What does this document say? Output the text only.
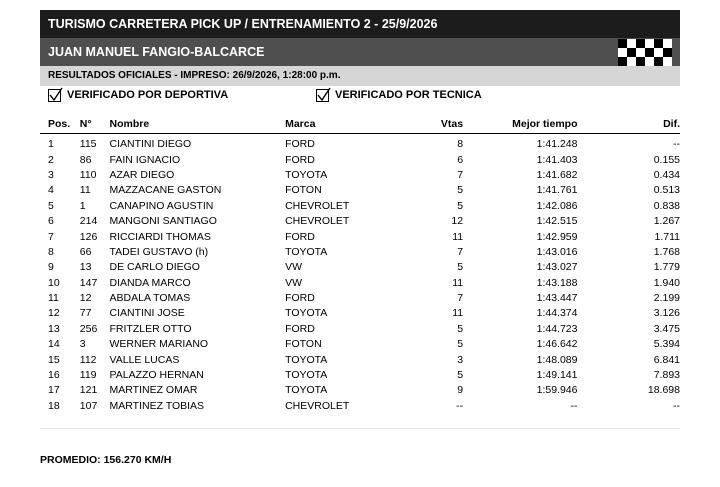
TURISMO CARRETERA PICK UP / ENTRENAMIENTO 2 - 25/9/2026
JUAN MANUEL FANGIO-BALCARCE
RESULTADOS OFICIALES - IMPRESO: 26/9/2026, 1:28:00 p.m.
VERIFICADO POR DEPORTIVA	VERIFICADO POR TECNICA
Pos.	N°	Nombre	Marca	Vtas	Mejor tiempo	Dif.
1	115	CIANTINI DIEGO	FORD	8	1:41.248	--
2	86	FAIN IGNACIO	FORD	6	1:41.403	0.155
3	110	AZAR DIEGO	TOYOTA	7	1:41.682	0.434
4	11	MAZZACANE GASTON	FOTON	5	1:41.761	0.513
5	1	CANAPINO AGUSTIN	CHEVROLET	5	1:42.086	0.838
6	214	MANGONI SANTIAGO	CHEVROLET	12	1:42.515	1.267
7	126	RICCIARDI THOMAS	FORD	11	1:42.959	1.711
8	66	TADEI GUSTAVO (h)	TOYOTA	7	1:43.016	1.768
9	13	DE CARLO DIEGO	VW	5	1:43.027	1.779
10	147	DIANDA MARCO	VW	11	1:43.188	1.940
11	12	ABDALA TOMAS	FORD	7	1:43.447	2.199
12	77	CIANTINI JOSE	TOYOTA	11	1:44.374	3.126
13	256	FRITZLER OTTO	FORD	5	1:44.723	3.475
14	3	WERNER MARIANO	FOTON	5	1:46.642	5.394
15	112	VALLE LUCAS	TOYOTA	3	1:48.089	6.841
16	119	PALAZZO HERNAN	TOYOTA	5	1:49.141	7.893
17	121	MARTINEZ OMAR	TOYOTA	9	1:59.946	18.698
18	107	MARTINEZ TOBIAS	CHEVROLET	--	--	--
PROMEDIO: 156.270 KM/H
